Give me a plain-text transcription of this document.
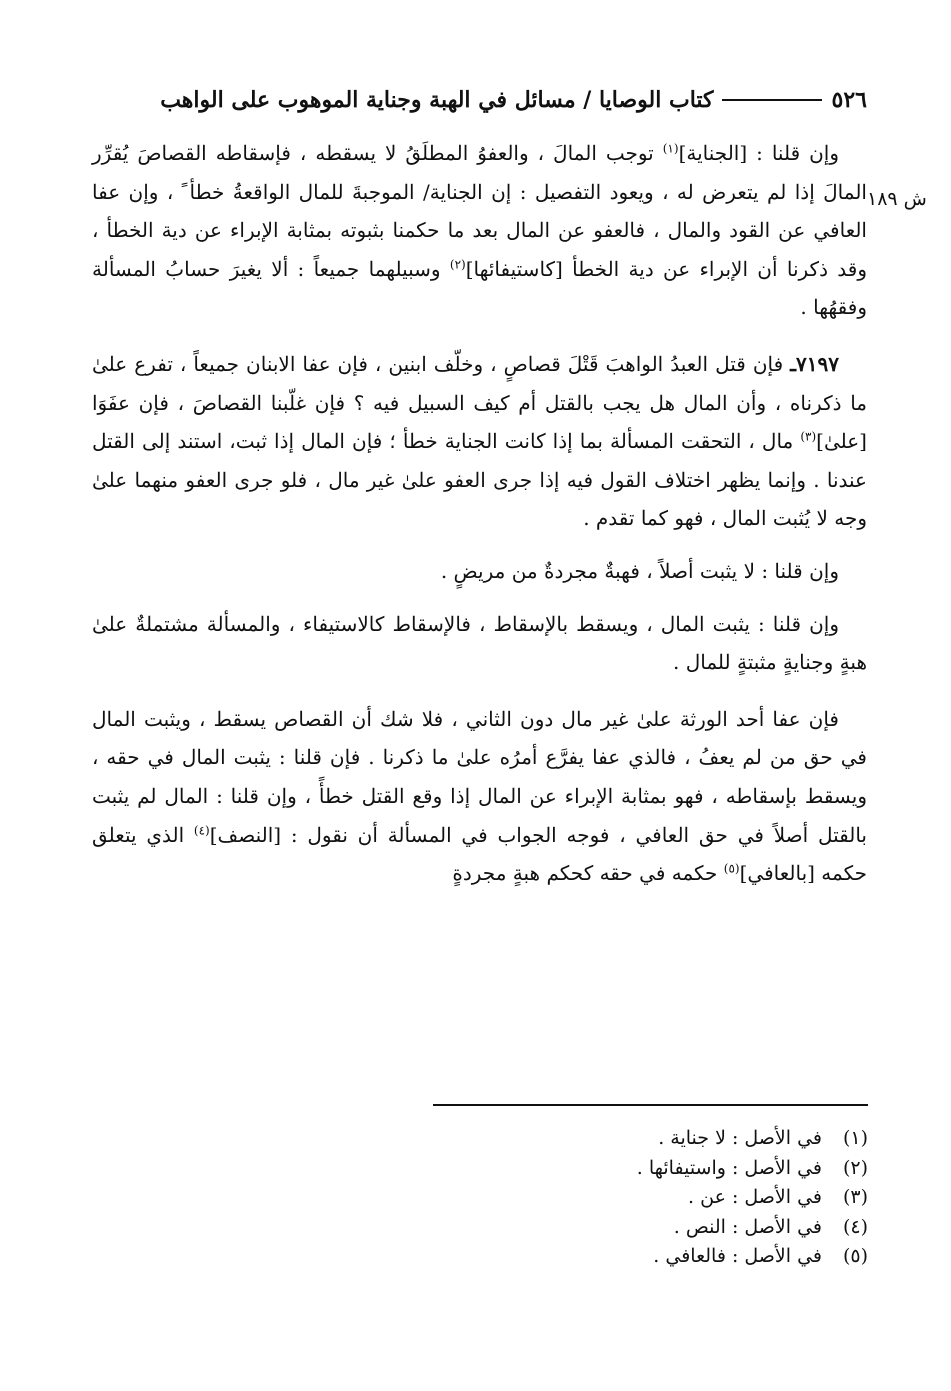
٥٢٦
كتاب الوصايا / مسائل في الهبة وجناية الموهوب على الواهب
ش ١٨٩

وإن قلنا : [الجناية]$^{(١)}$ توجب المالَ ، والعفوُ المطلَقُ لا يسقطه ، فإسقاطه القصاصَ يُقرِّر المالَ إذا لم يتعرض له ، ويعود التفصيل : إن الجناية/ الموجبةَ للمال الواقعةُ خطأ ً ، وإن عفا العافي عن القود والمال ، فالعفو عن المال بعد ما حكمنا بثبوته بمثابة الإبراء عن دية الخطأ ، وقد ذكرنا أن الإبراء عن دية الخطأ [كاستيفائها]$^{(٢)}$ وسبيلهما جميعاً : ألا يغيرَ حسابُ المسألة وفقهُها .

٧١٩٧ـ فإن قتل العبدُ الواهبَ قَتْلَ قصاصٍ ، وخلّف ابنين ، فإن عفا الابنان جميعاً ، تفرع علىٰ ما ذكرناه ، وأن المال هل يجب بالقتل أم كيف السبيل فيه ؟ فإن غلّبنا القصاصَ ، فإن عفَوَا [علىٰ]$^{(٣)}$ مال ، التحقت المسألة بما إذا كانت الجناية خطأ ؛ فإن المال إذا ثبت، استند إلى القتل عندنا . وإنما يظهر اختلاف القول فيه إذا جرى العفو علىٰ غير مال ، فلو جرى العفو منهما علىٰ وجه لا يُثبت المال ، فهو كما تقدم .

وإن قلنا : لا يثبت أصلاً ، فهبةٌ مجردةٌ من مريضٍ .

وإن قلنا : يثبت المال ، ويسقط بالإسقاط ، فالإسقاط كالاستيفاء ، والمسألة مشتملةٌ علىٰ هبةٍ وجنايةٍ مثبتةٍ للمال .

فإن عفا أحد الورثة علىٰ غير مال دون الثاني ، فلا شك أن القصاص يسقط ، ويثبت المال في حق من لم يعفُ ، فالذي عفا يفرَّع أمرُه علىٰ ما ذكرنا . فإن قلنا : يثبت المال في حقه ، ويسقط بإسقاطه ، فهو بمثابة الإبراء عن المال إذا وقع القتل خطأً ، وإن قلنا : المال لم يثبت بالقتل أصلاً في حق العافي ، فوجه الجواب في المسألة أن نقول : [النصف]$^{(٤)}$ الذي يتعلق حكمه [بالعافي]$^{(٥)}$ حكمه في حقه كحكم هبةٍ مجردةٍ

(١)
في الأصل : لا جناية .
(٢)
في الأصل : واستيفائها .
(٣)
في الأصل : عن .
(٤)
في الأصل : النص .
(٥)
في الأصل : فالعافي .
